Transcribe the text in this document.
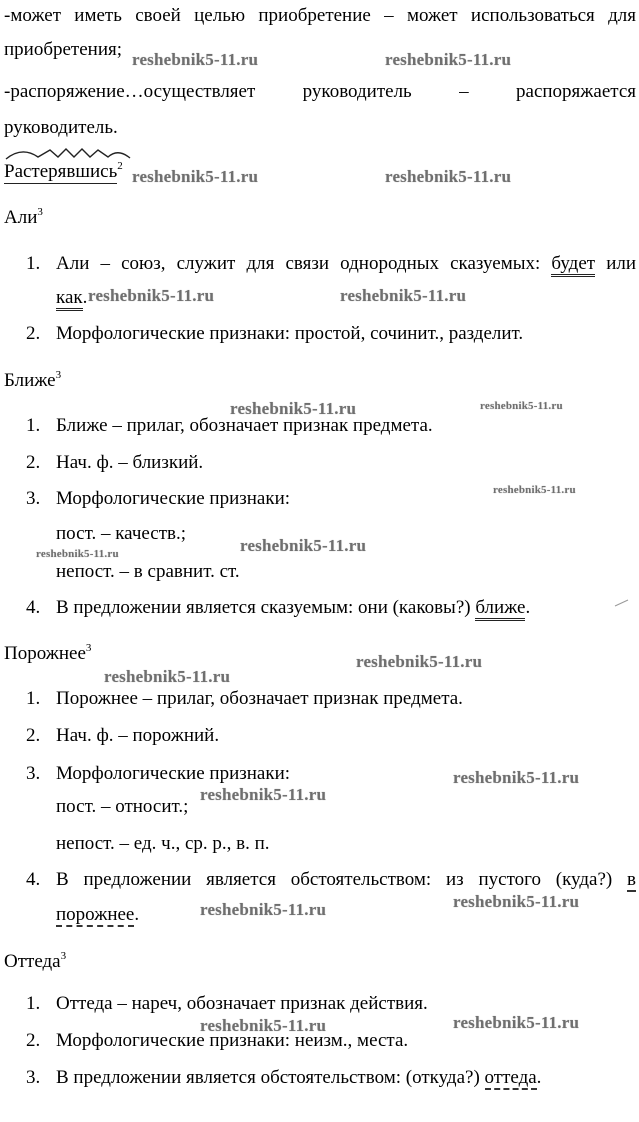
-может иметь своей целью приобретение – может использоваться для
приобретения;
-распоряжение…осуществляет руководитель – распоряжается
руководитель.
Растерявшись$^2$
Али$^3$
1. Али – союз, служит для связи однородных сказуемых: будет или
как.
2. Морфологические признаки: простой, сочинит., разделит.
Ближе$^3$
1. Ближе – прилаг, обозначает признак предмета.
2. Нач. ф. – близкий.
3. Морфологические признаки:
пост. – качеств.;
непост. – в сравнит. ст.
4. В предложении является сказуемым: они (каковы?) ближе.
Порожнее$^3$
1. Порожнее – прилаг, обозначает признак предмета.
2. Нач. ф. – порожний.
3. Морфологические признаки:
пост. – относит.;
непост. – ед. ч., ср. р., в. п.
4. В предложении является обстоятельством: из пустого (куда?) в
порожнее.
Оттеда$^3$
1. Оттеда – нареч, обозначает признак действия.
2. Морфологические признаки: неизм., места.
3. В предложении является обстоятельством: (откуда?) оттеда.
reshebnik5-11.ru	reshebnik5-11.ru
reshebnik5-11.ru	reshebnik5-11.ru
reshebnik5-11.ru	reshebnik5-11.ru
reshebnik5-11.ru	reshebnik5-11.ru
reshebnik5-11.ru
reshebnik5-11.ru
reshebnik5-11.ru
reshebnik5-11.ru
reshebnik5-11.ru
reshebnik5-11.ru
reshebnik5-11.ru
reshebnik5-11.ru
reshebnik5-11.ru
reshebnik5-11.ru	reshebnik5-11.ru
